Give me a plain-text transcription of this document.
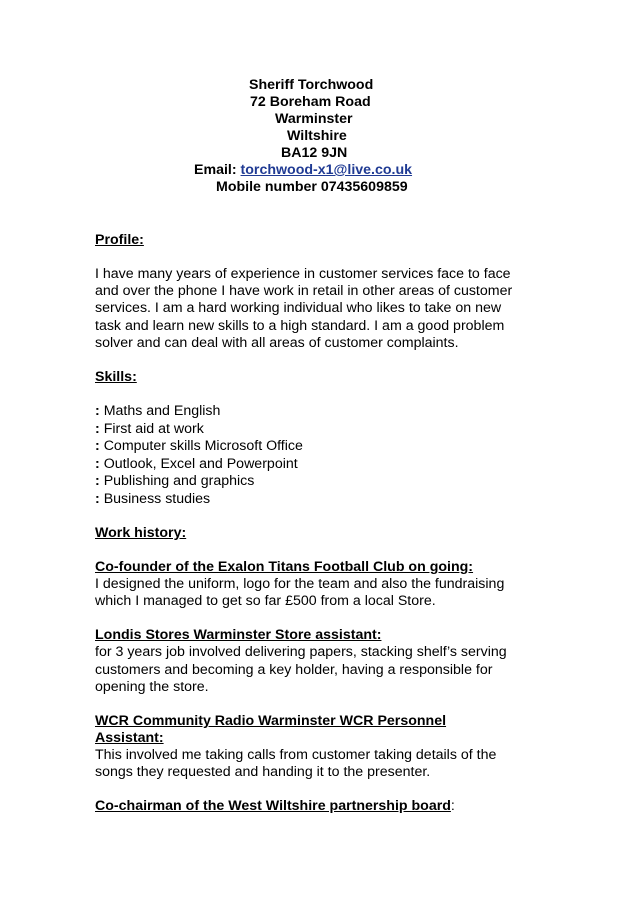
Sheriff Torchwood
72 Boreham Road
Warminster
Wiltshire
BA12 9JN
Email: torchwood-x1@live.co.uk
Mobile number 07435609859

Profile:

I have many years of experience in customer services face to face

and over the phone I have work in retail in other areas of customer

services. I am a hard working individual who likes to take on new

task and learn new skills to a high standard. I am a good problem

solver and can deal with all areas of customer complaints.

Skills:

: Maths and English

: First aid at work

: Computer skills Microsoft Office

: Outlook, Excel and Powerpoint

: Publishing and graphics

: Business studies

Work history:

Co-founder of the Exalon Titans Football Club on going:

I designed the uniform, logo for the team and also the fundraising

which I managed to get so far £500 from a local Store.

Londis Stores Warminster Store assistant:

for 3 years job involved delivering papers, stacking shelf’s serving

customers and becoming a key holder, having a responsible for

opening the store.

WCR Community Radio Warminster WCR Personnel

Assistant:

This involved me taking calls from customer taking details of the

songs they requested and handing it to the presenter.

Co-chairman of the West Wiltshire partnership board:
